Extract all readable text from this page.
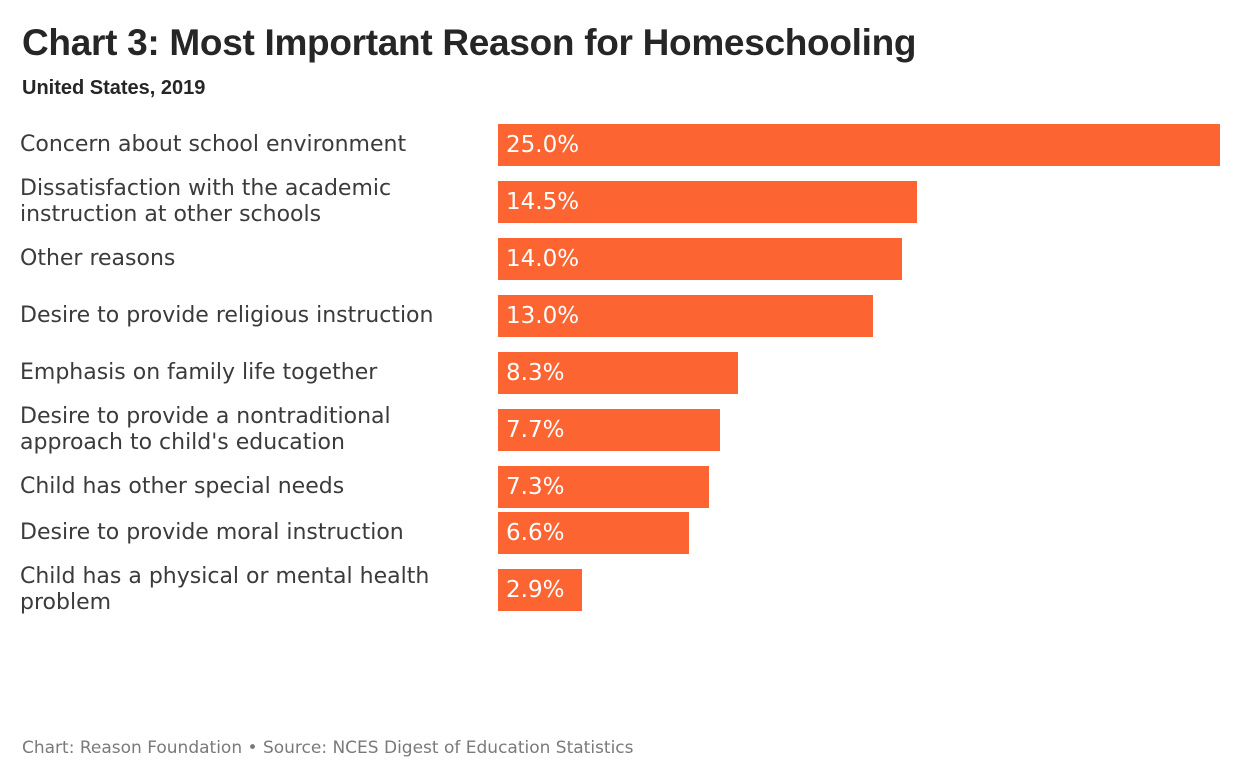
Chart 3: Most Important Reason for Homeschooling
United States, 2019
Concern about school environment	25.0%
Dissatisfaction with the academic instruction at other schools	14.5%
Other reasons	14.0%
Desire to provide religious instruction	13.0%
Emphasis on family life together	8.3%
Desire to provide a nontraditional approach to child's education	7.7%
Child has other special needs	7.3%
Desire to provide moral instruction	6.6%
Child has a physical or mental health problem	2.9%
Chart: Reason Foundation • Source: NCES Digest of Education Statistics
